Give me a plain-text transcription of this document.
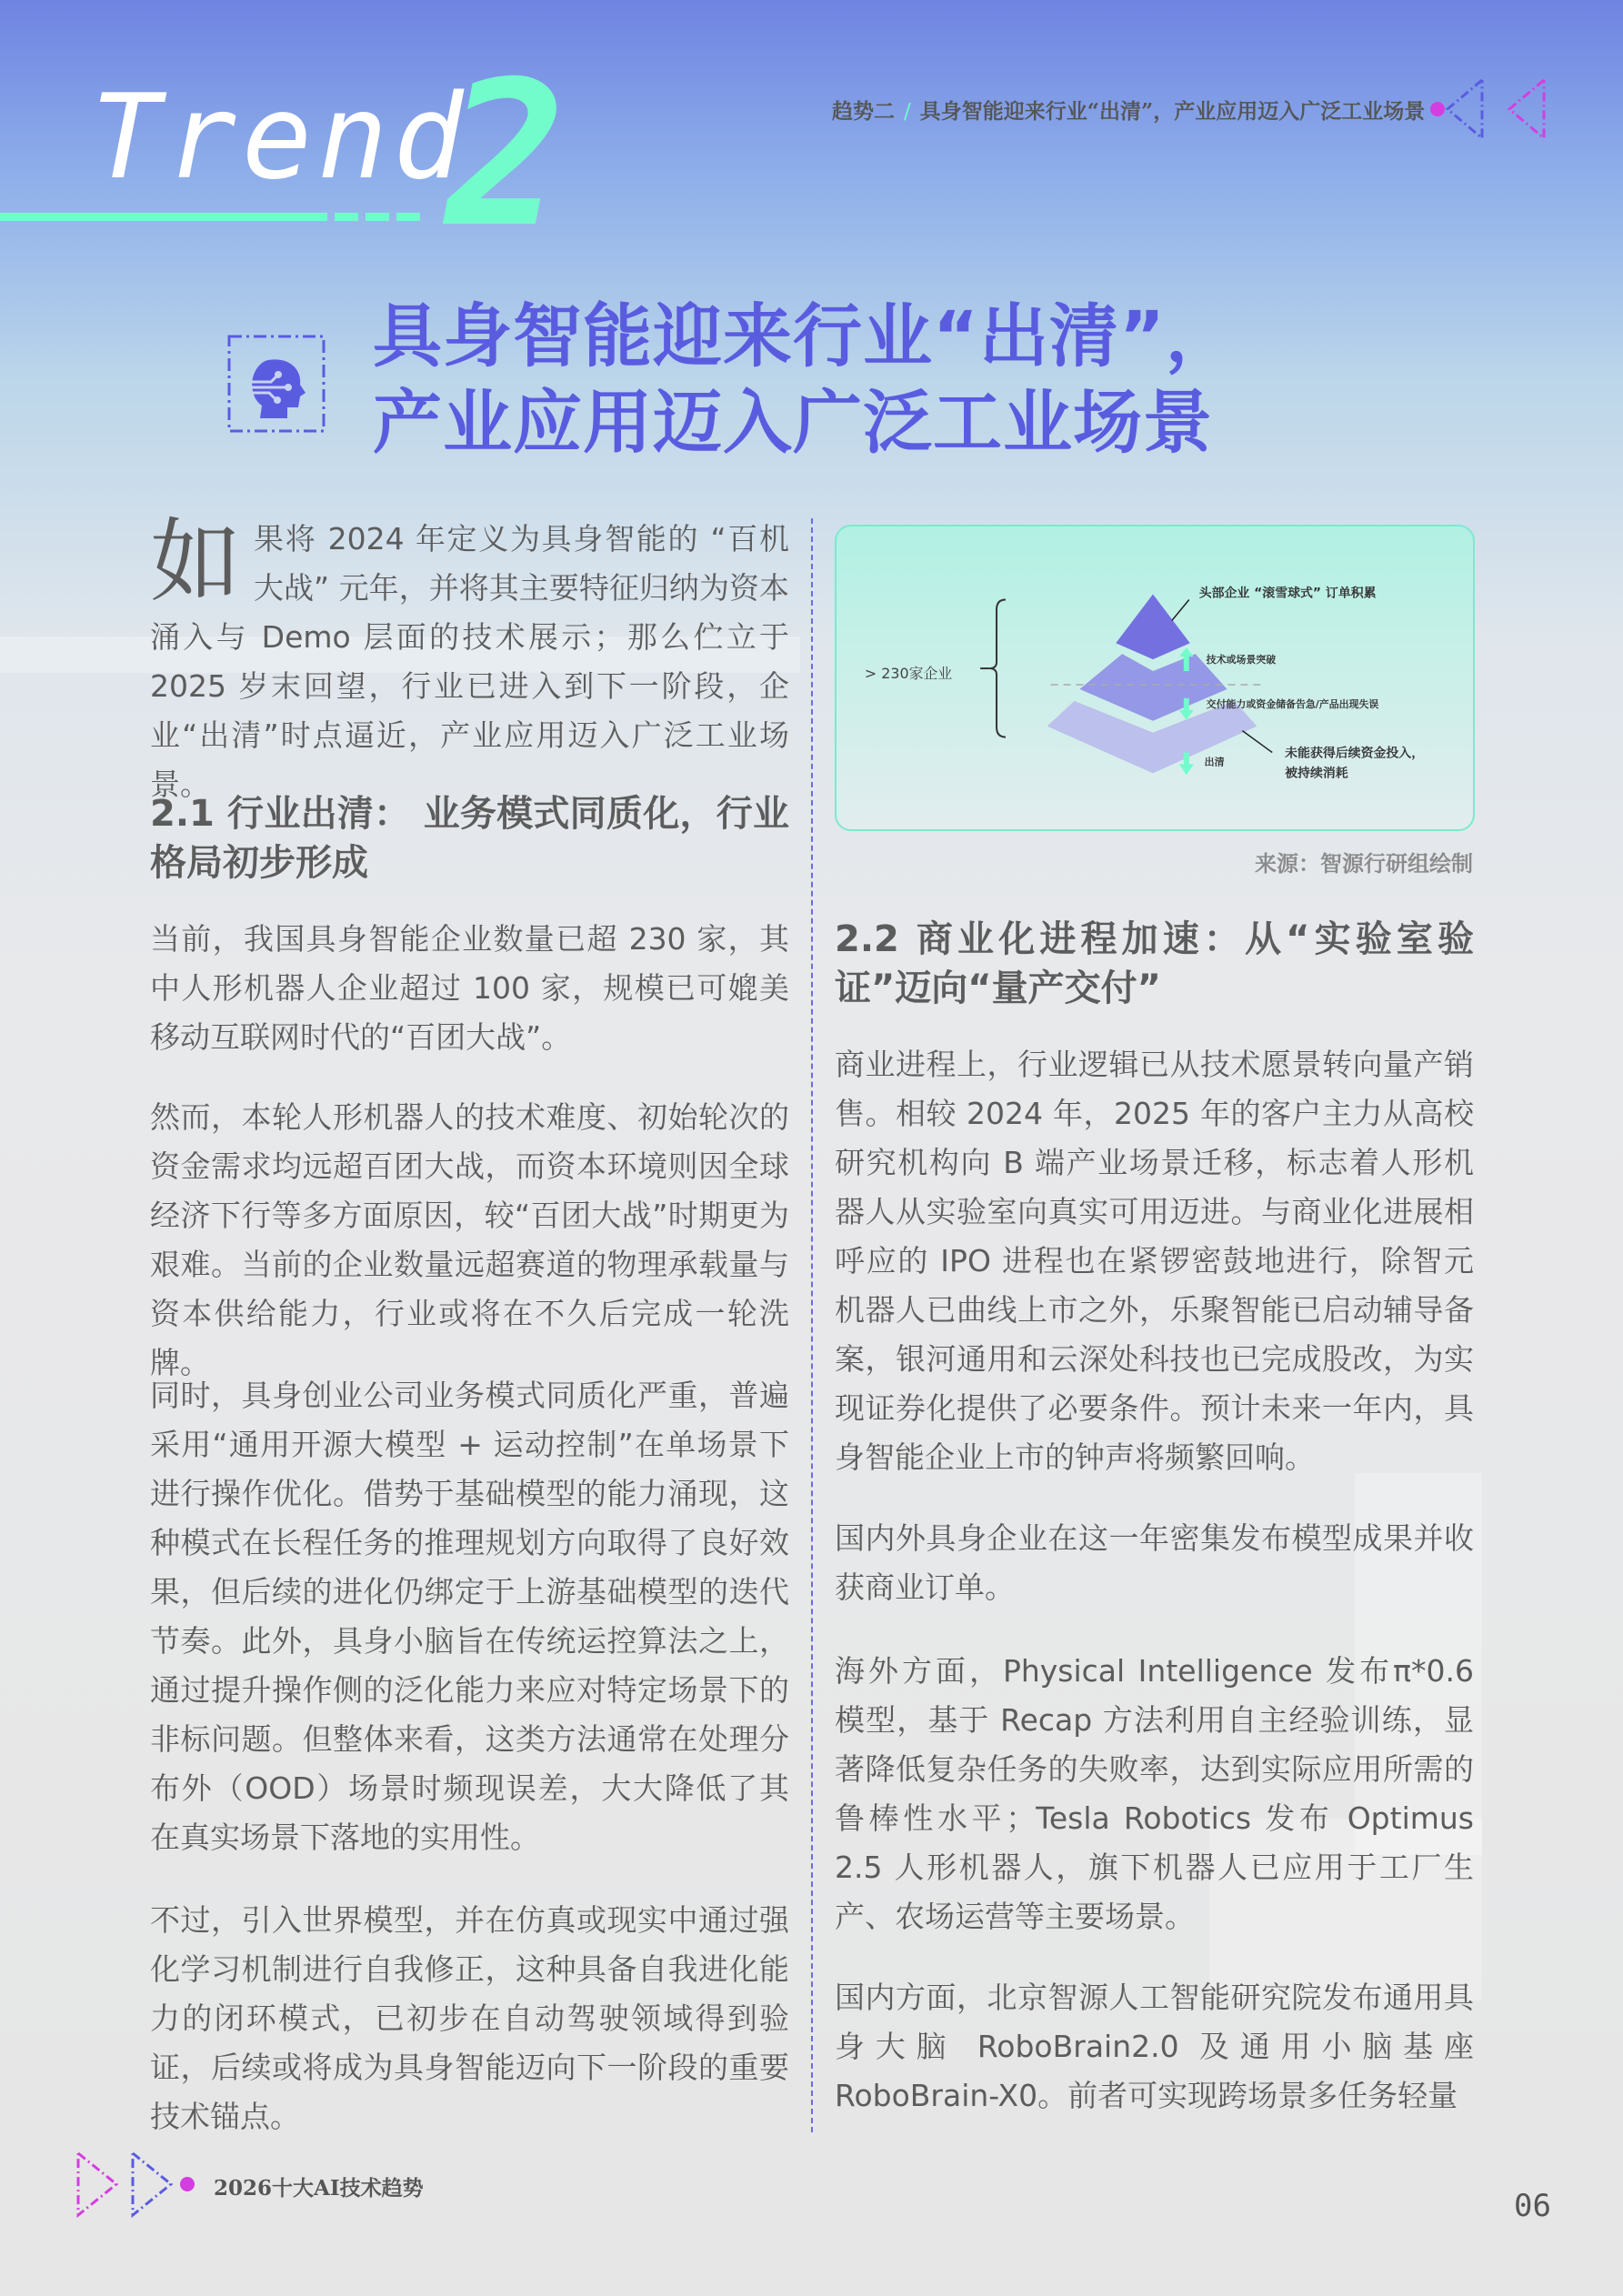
Trend
2	趋势二 / 具身智能迎来行业“出清”，产业应用迈入广泛工业场景
具身智能迎来行业“出清”，
产业应用迈入广泛工业场景
如果将 2024 年定义为具身智能的 “百机大战” 元年，并将其主要特征归纳为资本涌入与 Demo 层面的技术展示；那么伫立于 2025 岁末回望，行业已进入到下一阶段，企业“出清”时点逼近，产业应用迈入广泛工业场景。
2.1 行业出清： 业务模式同质化，行业格局初步形成
当前，我国具身智能企业数量已超 230 家，其中人形机器人企业超过 100 家，规模已可媲美移动互联网时代的“百团大战”。
然而，本轮人形机器人的技术难度、初始轮次的资金需求均远超百团大战，而资本环境则因全球经济下行等多方面原因，较“百团大战”时期更为艰难。当前的企业数量远超赛道的物理承载量与资本供给能力，行业或将在不久后完成一轮洗牌。
同时，具身创业公司业务模式同质化严重，普遍采用“通用开源大模型 + 运动控制”在单场景下进行操作优化。借势于基础模型的能力涌现，这种模式在长程任务的推理规划方向取得了良好效果，但后续的进化仍绑定于上游基础模型的迭代节奏。此外，具身小脑旨在传统运控算法之上，通过提升操作侧的泛化能力来应对特定场景下的非标问题。但整体来看，这类方法通常在处理分布外（OOD）场景时频现误差，大大降低了其在真实场景下落地的实用性。
不过，引入世界模型，并在仿真或现实中通过强化学习机制进行自我修正，这种具备自我进化能力的闭环模式，已初步在自动驾驶领域得到验证，后续或将成为具身智能迈向下一阶段的重要技术锚点。
> 230家企业
头部企业 “滚雪球式” 订单积累
技术或场景突破
交付能力或资金储备告急/产品出现失误
出清
未能获得后续资金投入，
被持续消耗
来源：智源行研组绘制
2.2 商业化进程加速：从“实验室验证”迈向“量产交付”
商业进程上，行业逻辑已从技术愿景转向量产销售。相较 2024 年，2025 年的客户主力从高校研究机构向 B 端产业场景迁移，标志着人形机器人从实验室向真实可用迈进。与商业化进展相呼应的 IPO 进程也在紧锣密鼓地进行，除智元机器人已曲线上市之外，乐聚智能已启动辅导备案，银河通用和云深处科技也已完成股改，为实现证券化提供了必要条件。预计未来一年内，具身智能企业上市的钟声将频繁回响。
国内外具身企业在这一年密集发布模型成果并收获商业订单。
海外方面，Physical Intelligence 发布π*0.6 模型，基于 Recap 方法利用自主经验训练，显著降低复杂任务的失败率，达到实际应用所需的鲁棒性水平；Tesla Robotics 发布 Optimus 2.5 人形机器人，旗下机器人已应用于工厂生产、农场运营等主要场景。
国内方面，北京智源人工智能研究院发布通用具身大脑 RoboBrain2.0 及通用小脑基座 RoboBrain-X0。前者可实现跨场景多任务轻量
2026十大AI技术趋势	06
